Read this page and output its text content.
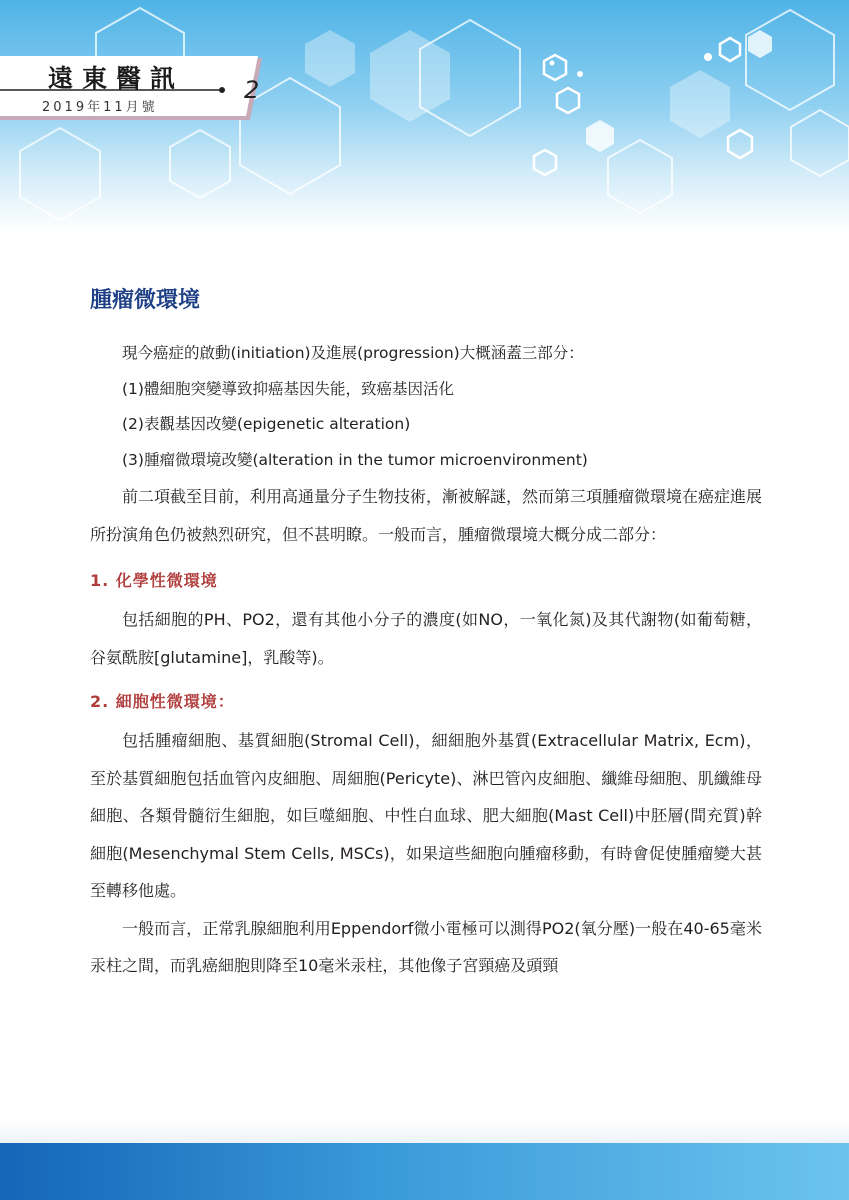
遠東醫訊
2019年11月號
2
腫瘤微環境
現今癌症的啟動(initiation)及進展(progression)大概涵蓋三部分：
(1)體細胞突變導致抑癌基因失能，致癌基因活化
(2)表觀基因改變(epigenetic alteration)
(3)腫瘤微環境改變(alteration in the tumor microenvironment)

前二項截至目前，利用高通量分子生物技術，漸被解謎，然而第三項腫瘤微環境在癌症進展所扮演角色仍被熱烈研究，但不甚明瞭。一般而言，腫瘤微環境大概分成二部分：

1. 化學性微環境

包括細胞的PH、PO2，還有其他小分子的濃度(如NO，一氧化氮)及其代謝物(如葡萄糖，谷氨酰胺[glutamine]，乳酸等)。

2. 細胞性微環境：

包括腫瘤細胞、基質細胞(Stromal Cell)，細細胞外基質(Extracellular Matrix, Ecm)，至於基質細胞包括血管內皮細胞、周細胞(Pericyte)、淋巴管內皮細胞、纖維母細胞、肌纖維母細胞、各類骨髓衍生細胞，如巨噬細胞、中性白血球、肥大細胞(Mast Cell)中胚層(間充質)幹細胞(Mesenchymal Stem Cells, MSCs)，如果這些細胞向腫瘤移動，有時會促使腫瘤變大甚至轉移他處。

一般而言，正常乳腺細胞利用Eppendorf微小電極可以測得PO2(氧分壓)一般在40-65毫米汞柱之間，而乳癌細胞則降至10毫米汞柱，其他像子宮頸癌及頭頸
